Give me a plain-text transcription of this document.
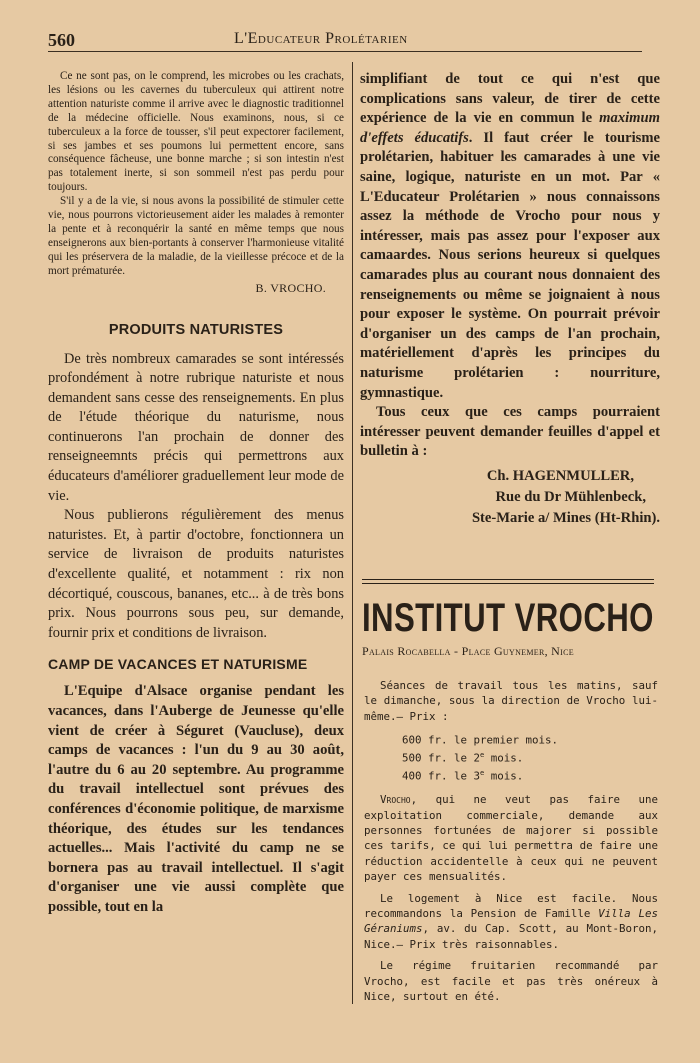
560	L'Educateur Prolétarien

Ce ne sont pas, on le comprend, les microbes ou les crachats, les lésions ou les cavernes du tuberculeux qui attirent notre attention naturiste comme il arrive avec le diagnostic traditionnel de la médecine officielle. Nous examinons, nous, si ce tuberculeux a la force de tousser, s'il peut expectorer facilement, si ses jambes et ses poumons lui permettent encore, sans conséquence fâcheuse, une bonne marche ; si son intestin n'est pas totalement inerte, si son sommeil n'est pas perdu pour toujours.

S'il y a de la vie, si nous avons la possibilité de stimuler cette vie, nous pourrons victorieusement aider les malades à remonter la pente et à reconquérir la santé en même temps que nous enseignerons aux bien-portants à conserver l'harmonieuse vitalité qui les préservera de la maladie, de la vieillesse précoce et de la mort prématurée.

B. VROCHO.
PRODUITS NATURISTES

De très nombreux camarades se sont intéressés profondément à notre rubrique naturiste et nous demandent sans cesse des renseignements. En plus de l'étude théorique du naturisme, nous continuerons l'an prochain de donner des renseigneemnts précis qui permettrons aux éducateurs d'améliorer graduellement leur mode de vie.

Nous publierons régulièrement des menus naturistes. Et, à partir d'octobre, fonctionnera un service de livraison de produits naturistes d'excellente qualité, et notamment : rix non décortiqué, couscous, bananes, etc... à de très bons prix. Nous pourrons sous peu, sur demande, fournir prix et conditions de livraison.

CAMP DE VACANCES ET NATURISME

L'Equipe d'Alsace organise pendant les vacances, dans l'Auberge de Jeunesse qu'elle vient de créer à Séguret (Vaucluse), deux camps de vacances : l'un du 9 au 30 août, l'autre du 6 au 20 septembre. Au programme du travail intellectuel sont prévues des conférences d'économie politique, de marxisme théorique, des études sur les tendances actuelles... Mais l'activité du camp ne se bornera pas au travail intellectuel. Il s'agit d'organiser une vie aussi complète que possible, tout en la

simplifiant de tout ce qui n'est que complications sans valeur, de tirer de cette expérience de la vie en commun le maximum d'effets éducatifs. Il faut créer le tourisme prolétarien, habituer les camarades à une vie saine, logique, naturiste en un mot. Par « L'Educateur Prolétarien » nous connaissons assez la méthode de Vrocho pour nous y intéresser, mais pas assez pour l'exposer aux camaardes. Nous serions heureux si quelques camarades plus au courant nous donnaient des renseignements ou même se joignaient à nous pour exposer le système. On pourrait prévoir d'organiser un des camps de l'an prochain, matériellement d'après les principes du naturisme prolétarien : nourriture, gymnastique.

Tous ceux que ces camps pourraient intéresser peuvent demander feuilles d'appel et bulletin à :

Ch. HAGENMULLER,
Rue du Dr Mühlenbeck,
Ste-Marie a/ Mines (Ht-Rhin).
INSTITUT VROCHO
Palais Rocabella - Place Guynemer, Nice

Séances de travail tous les matins, sauf le dimanche, sous la direction de Vrocho lui-même.— Prix :

600 fr. le premier mois.
500 fr. le 2e mois.
400 fr. le 3e mois.

Vrocho, qui ne veut pas faire une exploitation commerciale, demande aux personnes fortunées de majorer si possible ces tarifs, ce qui lui permettra de faire une réduction accidentelle à ceux qui ne peuvent payer ces mensualités.

Le logement à Nice est facile. Nous recommandons la Pension de Famille Villa Les Géraniums, av. du Cap. Scott, au Mont-Boron, Nice.— Prix très raisonnables.

Le régime fruitarien recommandé par Vrocho, est facile et pas très onéreux à Nice, surtout en été.
